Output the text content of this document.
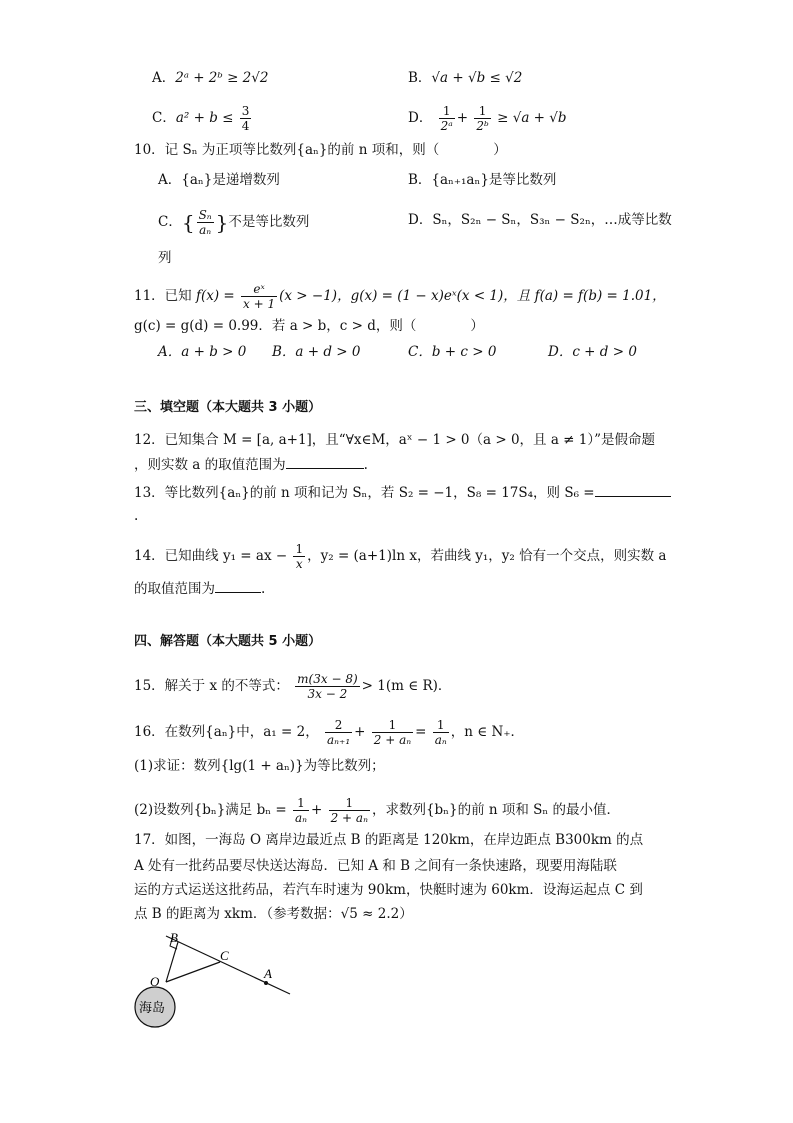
A．2ᵃ + 2ᵇ ≥ 2√2	B．√a + √b ≤ √2
C．$a^2 + b \le \frac{3}{4}$	D． $\frac{1}{\text{2ᵃ}} + \frac{1}{\text{2ᵇ}} \ge √a + √b$
10．记 Sₙ 为正项等比数列{aₙ}的前 n 项和，则（　　　　）
A．{aₙ}是递增数列	B．{aₙ₊₁aₙ}是等比数列
C．{ $\frac{\text{Sₙ}}{\text{aₙ}}$ }不是等比数列	D．Sₙ，S₂ₙ − Sₙ，S₃ₙ − S₂ₙ，…成等比数
列
11．已知 $f(x) = \frac{\text{eˣ}}{x + 1} (x > -1)$，g(x) = (1 − x)eˣ(x < 1)，且 f(a) = f(b) = 1.01，
g(c) = g(d) = 0.99．若 a > b，c > d，则（　　　　）
A．a + b > 0 B．a + d > 0	C．b + c > 0	D．c + d > 0
三、填空题（本大题共 3 小题）
12．已知集合 M = [a, a+1]，且“∀x∈M，aˣ − 1 > 0（a > 0，且 a ≠ 1）”是假命题
，则实数 a 的取值范围为	.
13．等比数列{aₙ}的前 n 项和记为 Sₙ，若 S₂ = −1，S₈ = 17S₄，则 S₆ =
.
14．已知曲线 y₁ = ax − $\frac{1}{x}$ ，y₂ = (a+1)ln x，若曲线 y₁，y₂ 恰有一个交点，则实数 a
的取值范围为	.
四、解答题（本大题共 5 小题）
15．解关于 x 的不等式： $\frac{m(3x - 8)}{3x - 2} > 1(m$ ∈ R)．
16．在数列{aₙ}中，a₁ = 2， $\frac{2}{\text{aₙ₊₁}} + \frac{1}{\text{2 + aₙ}} = \frac{1}{\text{aₙ}}$ ，n ∈ N₊．
(1)求证：数列{lg(1 + aₙ)}为等比数列；
(2)设数列{bₙ}满足 $b_n = \frac{1}{\text{aₙ}} + \frac{1}{\text{2 + aₙ}}$ ，求数列{bₙ}的前 n 项和 Sₙ 的最小值．
17．如图，一海岛 O 离岸边最近点 B 的距离是 120km，在岸边距点 B300km 的点
A 处有一批药品要尽快送达海岛．已知 A 和 B 之间有一条快速路，现要用海陆联
运的方式运送这批药品，若汽车时速为 90km，快艇时速为 60km．设海运起点 C 到
点 B 的距离为 xkm．（参考数据：√5 ≈ 2.2）
B
C
A
O
海岛
